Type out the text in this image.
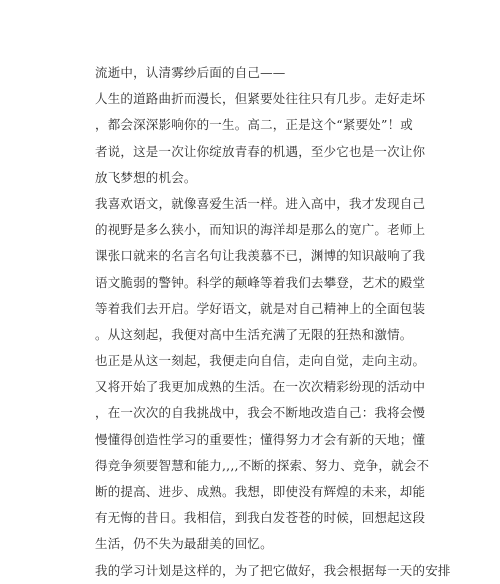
流逝中，认清雾纱后面的自己——
人生的道路曲折而漫长，但紧要处往往只有几步。走好走坏
，都会深深影响你的一生。高二，正是这个“紧要处”！或
者说，这是一次让你绽放青春的机遇，至少它也是一次让你
放飞梦想的机会。
我喜欢语文，就像喜爱生活一样。进入高中，我才发现自己
的视野是多么狭小，而知识的海洋却是那么的宽广。老师上
课张口就来的名言名句让我羡慕不已，渊博的知识敲响了我
语文脆弱的警钟。科学的颠峰等着我们去攀登，艺术的殿堂
等着我们去开启。学好语文，就是对自己精神上的全面包装
。从这刻起，我便对高中生活充满了无限的狂热和激情。
也正是从这一刻起，我便走向自信，走向自觉，走向主动。
又将开始了我更加成熟的生活。在一次次精彩纷现的活动中
，在一次次的自我挑战中，我会不断地改造自己：我将会慢
慢懂得创造性学习的重要性；懂得努力才会有新的天地；懂
得竞争须要智慧和能力,,,,不断的探索、努力、竞争，就会不
断的提高、进步、成熟。我想，即使没有辉煌的未来，却能
有无悔的昔日。我相信，到我白发苍苍的时候，回想起这段
生活，仍不失为最甜美的回忆。
我的学习计划是这样的，为了把它做好，我会根据每一天的安排
